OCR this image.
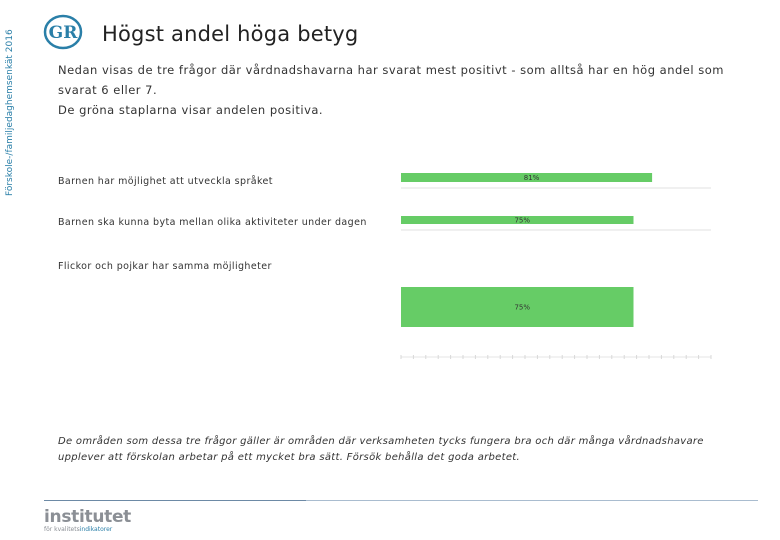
Förskole-/familjedaghemsenkät 2016 GR Högst andel höga betyg
Nedan visas de tre frågor där vårdnadshavarna har svarat mest positivt - som alltså har en hög andel som
svarat 6 eller 7.
De gröna staplarna visar andelen positiva.
Barnen har möjlighet att utveckla språket	81%
Barnen ska kunna byta mellan olika aktiviteter under dagen	75%
Flickor och pojkar har samma möjligheter
75%
De områden som dessa tre frågor gäller är områden där verksamheten tycks fungera bra och där många vårdnadshavare
upplever att förskolan arbetar på ett mycket bra sätt. Försök behålla det goda arbetet.
institutet
för kvalitetsindikatorer
